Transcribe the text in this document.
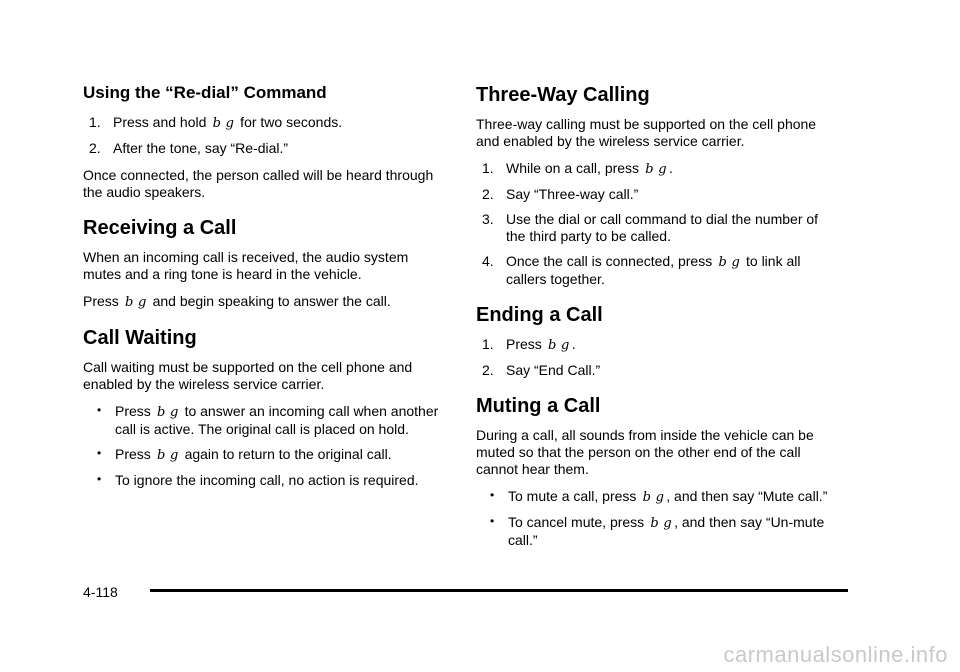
Using the “Re-dial” Command
1. Press and hold b g for two seconds.
2. After the tone, say “Re-dial.”

Once connected, the person called will be heard through the audio speakers.

Receiving a Call

When an incoming call is received, the audio system mutes and a ring tone is heard in the vehicle.

Press b g and begin speaking to answer the call.

Call Waiting

Call waiting must be supported on the cell phone and enabled by the wireless service carrier.

• Press b g to answer an incoming call when another call is active. The original call is placed on hold.
• Press b g again to return to the original call.
• To ignore the incoming call, no action is required.
Three-Way Calling

Three-way calling must be supported on the cell phone and enabled by the wireless service carrier.

1. While on a call, press b g .
2. Say “Three-way call.”
3. Use the dial or call command to dial the number of the third party to be called.
4. Once the call is connected, press b g to link all callers together.
Ending a Call
1. Press b g .
2. Say “End Call.”
Muting a Call

During a call, all sounds from inside the vehicle can be muted so that the person on the other end of the call cannot hear them.

• To mute a call, press b g , and then say “Mute call.”
• To cancel mute, press b g , and then say “Un-mute call.”
4-118
carmanualsonline.info
